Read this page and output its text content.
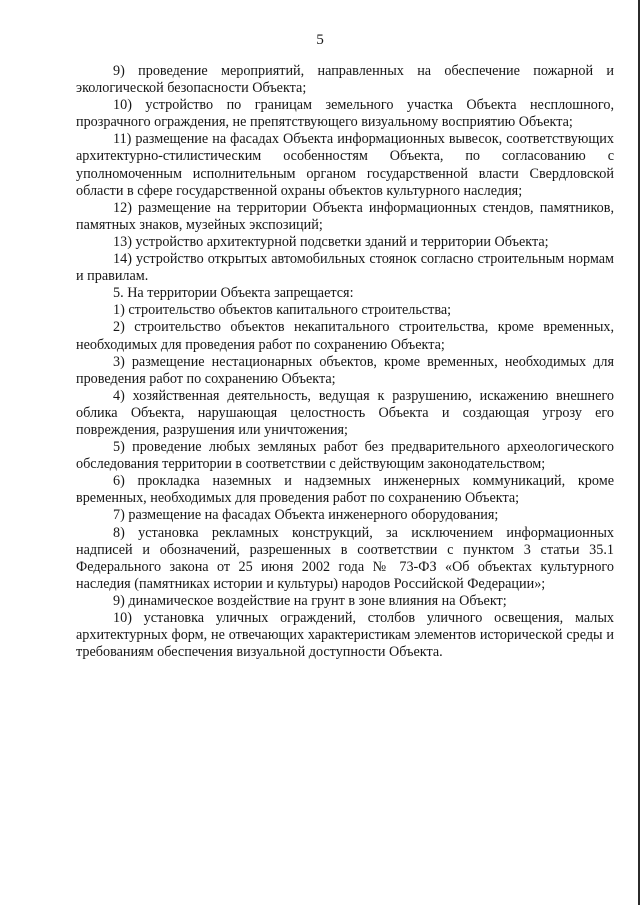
5

9) проведение мероприятий, направленных на обеспечение пожарной и экологической безопасности Объекта;

10) устройство по границам земельного участка Объекта несплошного, прозрачного ограждения, не препятствующего визуальному восприятию Объекта;

11) размещение на фасадах Объекта информационных вывесок, соответствующих архитектурно-стилистическим особенностям Объекта, по согласованию с уполномоченным исполнительным органом государственной власти Свердловской области в сфере государственной охраны объектов культурного наследия;

12) размещение на территории Объекта информационных стендов, памятников, памятных знаков, музейных экспозиций;

13) устройство архитектурной подсветки зданий и территории Объекта;

14) устройство открытых автомобильных стоянок согласно строительным нормам и правилам.

5. На территории Объекта запрещается:

1) строительство объектов капитального строительства;

2) строительство объектов некапитального строительства, кроме временных, необходимых для проведения работ по сохранению Объекта;

3) размещение нестационарных объектов, кроме временных, необходимых для проведения работ по сохранению Объекта;

4) хозяйственная деятельность, ведущая к разрушению, искажению внешнего облика Объекта, нарушающая целостность Объекта и создающая угрозу его повреждения, разрушения или уничтожения;

5) проведение любых земляных работ без предварительного археологического обследования территории в соответствии с действующим законодательством;

6) прокладка наземных и надземных инженерных коммуникаций, кроме временных, необходимых для проведения работ по сохранению Объекта;

7) размещение на фасадах Объекта инженерного оборудования;

8) установка рекламных конструкций, за исключением информационных надписей и обозначений, разрешенных в соответствии с пунктом 3 статьи 35.1 Федерального закона от 25 июня 2002 года № 73-ФЗ «Об объектах культурного наследия (памятниках истории и культуры) народов Российской Федерации»;

9) динамическое воздействие на грунт в зоне влияния на Объект;

10) установка уличных ограждений, столбов уличного освещения, малых архитектурных форм, не отвечающих характеристикам элементов исторической среды и требованиям обеспечения визуальной доступности Объекта.
